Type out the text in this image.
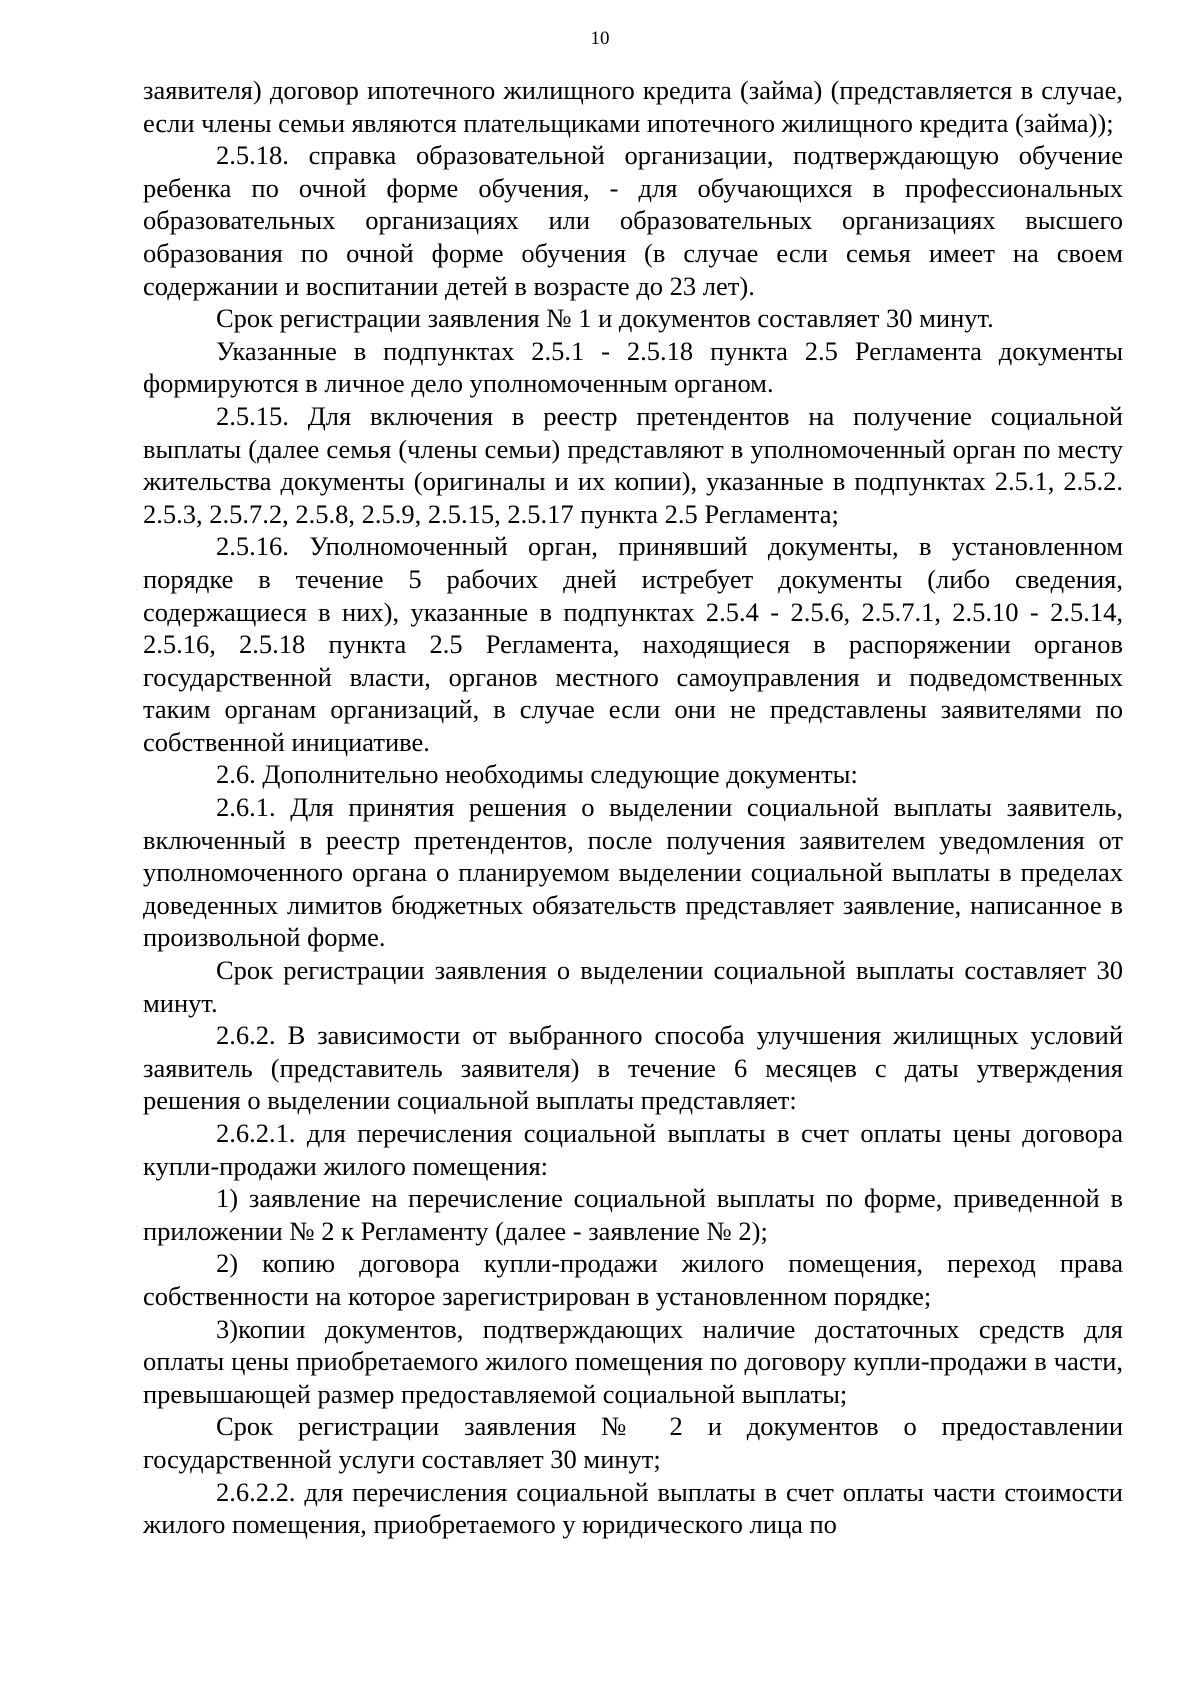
10

заявителя) договор ипотечного жилищного кредита (займа) (представляется в случае, если члены семьи являются плательщиками ипотечного жилищного кредита (займа));

2.5.18. справка образовательной организации, подтверждающую обучение ребенка по очной форме обучения, - для обучающихся в профессиональных образовательных организациях или образовательных организациях высшего образования по очной форме обучения (в случае если семья имеет на своем содержании и воспитании детей в возрасте до 23 лет).

Срок регистрации заявления № 1 и документов составляет 30 минут.

Указанные в подпунктах 2.5.1 - 2.5.18 пункта 2.5 Регламента документы формируются в личное дело уполномоченным органом.

2.5.15. Для включения в реестр претендентов на получение социальной выплаты (далее семья (члены семьи) представляют в уполномоченный орган по месту жительства документы (оригиналы и их копии), указанные в подпунктах 2.5.1, 2.5.2. 2.5.3, 2.5.7.2, 2.5.8, 2.5.9, 2.5.15, 2.5.17 пункта 2.5 Регламента;

2.5.16. Уполномоченный орган, принявший документы, в установленном порядке в течение 5 рабочих дней истребует документы (либо сведения, содержащиеся в них), указанные в подпунктах 2.5.4 - 2.5.6, 2.5.7.1, 2.5.10 - 2.5.14, 2.5.16, 2.5.18 пункта 2.5 Регламента, находящиеся в распоряжении органов государственной власти, органов местного самоуправления и подведомственных таким органам организаций, в случае если они не представлены заявителями по собственной инициативе.

2.6. Дополнительно необходимы следующие документы:

2.6.1. Для принятия решения о выделении социальной выплаты заявитель, включенный в реестр претендентов, после получения заявителем уведомления от уполномоченного органа о планируемом выделении социальной выплаты в пределах доведенных лимитов бюджетных обязательств представляет заявление, написанное в произвольной форме.

Срок регистрации заявления о выделении социальной выплаты составляет 30 минут.

2.6.2. В зависимости от выбранного способа улучшения жилищных условий заявитель (представитель заявителя) в течение 6 месяцев с даты утверждения решения о выделении социальной выплаты представляет:

2.6.2.1. для перечисления социальной выплаты в счет оплаты цены договора купли-продажи жилого помещения:

1) заявление на перечисление социальной выплаты по форме, приведенной в приложении № 2 к Регламенту (далее - заявление № 2);

2) копию договора купли-продажи жилого помещения, переход права собственности на которое зарегистрирован в установленном порядке;

3)копии документов, подтверждающих наличие достаточных средств для оплаты цены приобретаемого жилого помещения по договору купли-продажи в части, превышающей размер предоставляемой социальной выплаты;

Срок регистрации заявления № 2 и документов о предоставлении государственной услуги составляет 30 минут;

2.6.2.2. для перечисления социальной выплаты в счет оплаты части стоимости жилого помещения, приобретаемого у юридического лица по
